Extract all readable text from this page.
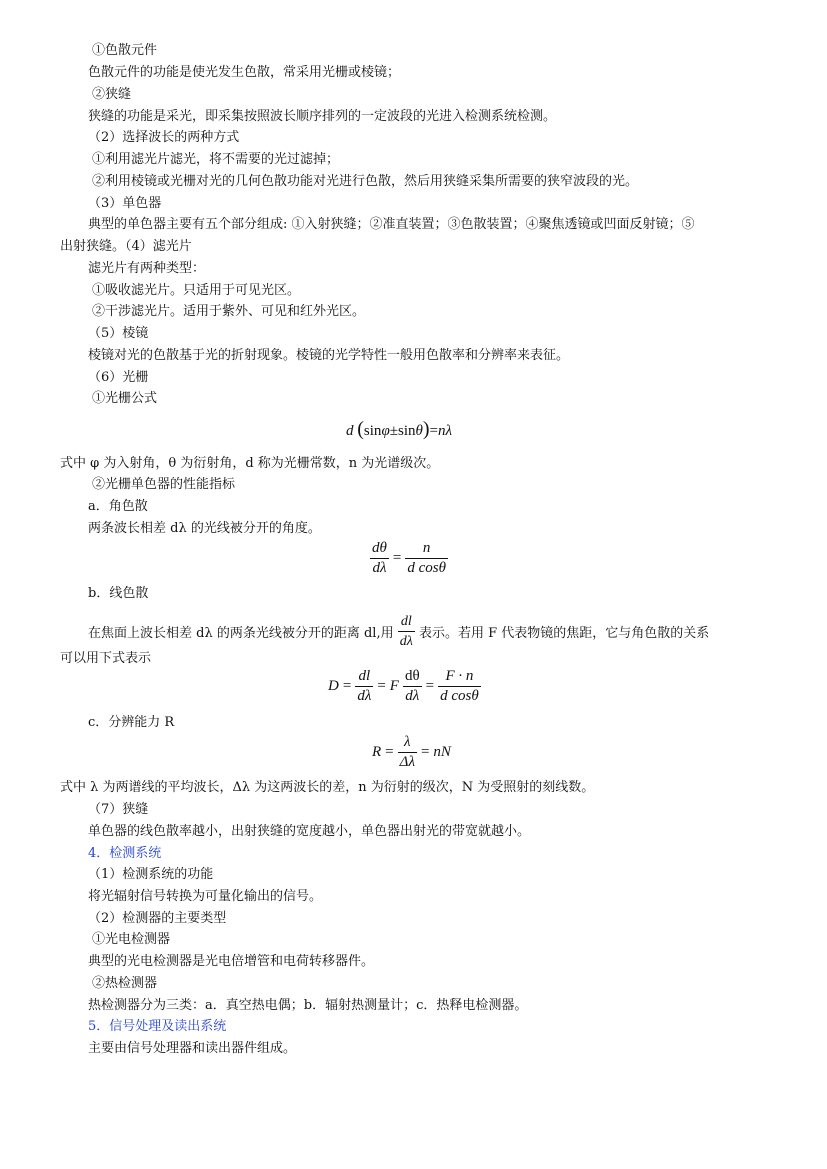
①色散元件
色散元件的功能是使光发生色散，常采用光栅或棱镜；
②狭缝
狭缝的功能是采光，即采集按照波长顺序排列的一定波段的光进入检测系统检测。
（2）选择波长的两种方式
①利用滤光片滤光，将不需要的光过滤掉；
②利用棱镜或光栅对光的几何色散功能对光进行色散，然后用狭缝采集所需要的狭窄波段的光。
（3）单色器
典型的单色器主要有五个部分组成: ①入射狭缝；②准直装置；③色散装置；④聚焦透镜或凹面反射镜；⑤
出射狭缝。（4）滤光片
滤光片有两种类型：
①吸收滤光片。只适用于可见光区。
②干涉滤光片。适用于紫外、可见和红外光区。
（5）棱镜
棱镜对光的色散基于光的折射现象。棱镜的光学特性一般用色散率和分辨率来表征。
（6）光栅
①光栅公式
d (sinφ±sinθ)=nλ
式中 φ 为入射角，θ 为衍射角，d 称为光栅常数，n 为光谱级次。
②光栅单色器的性能指标
a．角色散
两条波长相差 dλ 的光线被分开的角度。
$\frac{d\theta}{d\lambda} = \frac{n}{\text{d cosθ}}$
b．线色散
在焦面上波长相差 dλ 的两条光线被分开的距离 dl,用 $\frac{dl}{d\lambda}$ 表示。若用 F 代表物镜的焦距，它与角色散的关系
可以用下式表示
$D = \frac{dl}{d\lambda} = F \frac{d\theta}{d\lambda} = \frac{F \cdot n}{\text{d cosθ}}$
c．分辨能力 R
$R = \frac{\lambda}{\Delta\lambda}$ = nN
式中 λ 为两谱线的平均波长，Δλ 为这两波长的差，n 为衍射的级次，N 为受照射的刻线数。
（7）狭缝
单色器的线色散率越小，出射狭缝的宽度越小，单色器出射光的带宽就越小。
4．检测系统
（1）检测系统的功能
将光辐射信号转换为可量化输出的信号。
（2）检测器的主要类型
①光电检测器
典型的光电检测器是光电倍增管和电荷转移器件。
②热检测器
热检测器分为三类：a．真空热电偶；b．辐射热测量计；c．热释电检测器。
5．信号处理及读出系统
主要由信号处理器和读出器件组成。
